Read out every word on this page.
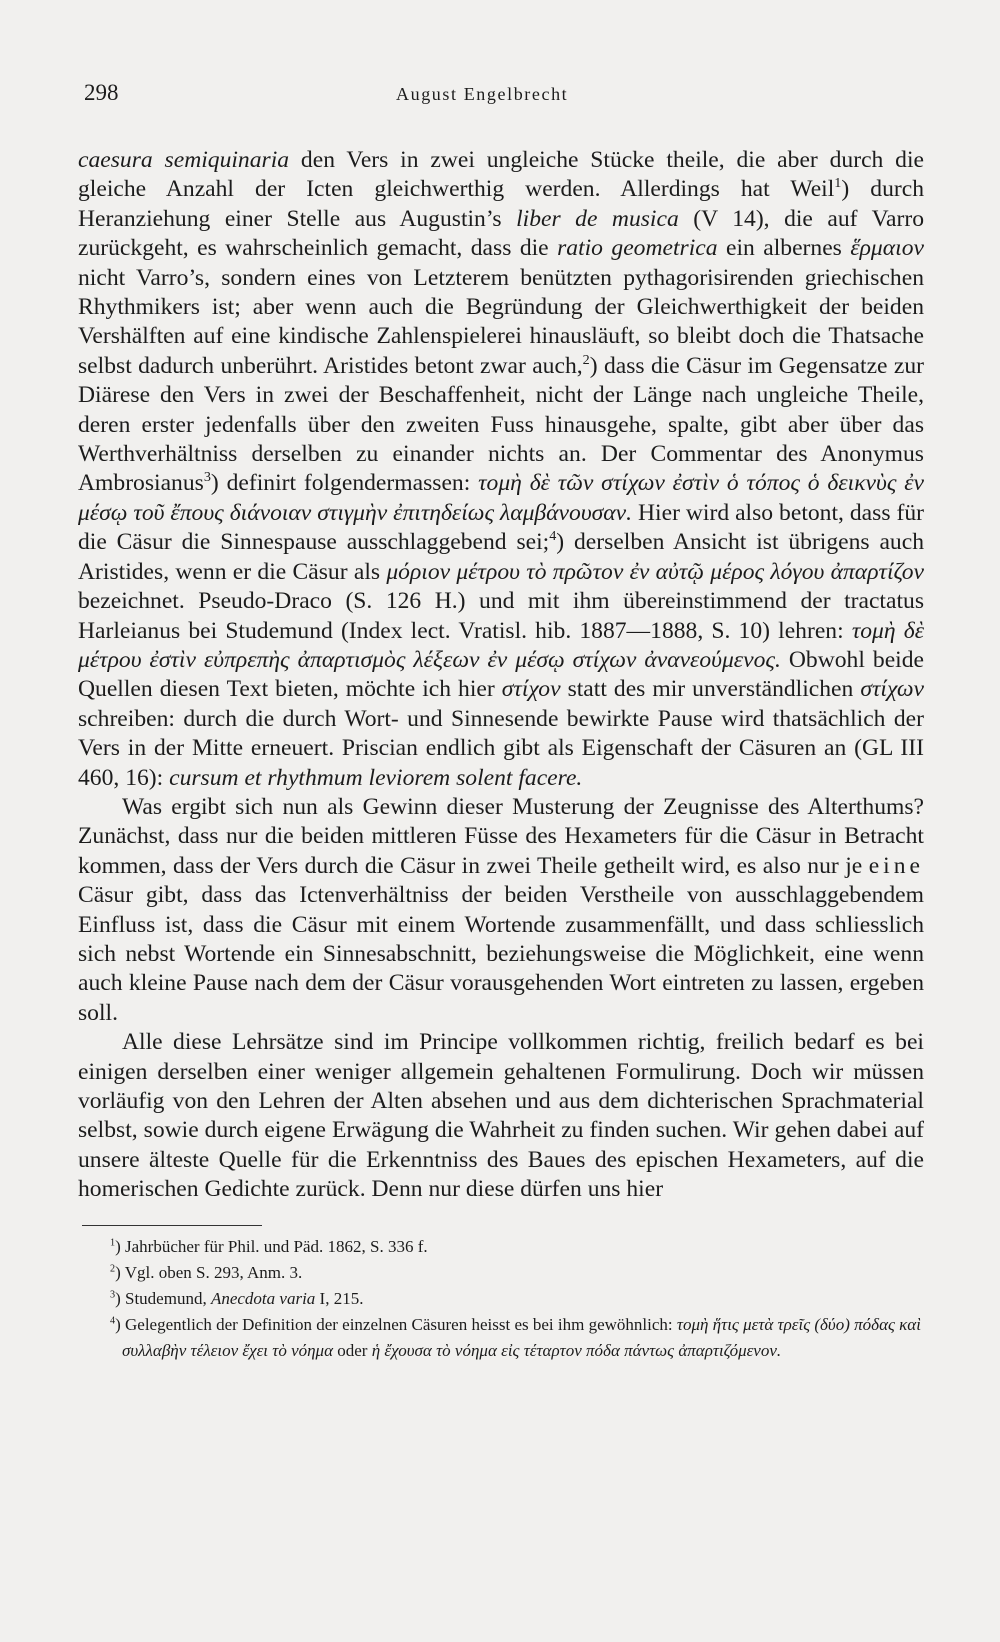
298	August Engelbrecht

caesura semiquinaria den Vers in zwei ungleiche Stücke theile, die aber durch die gleiche Anzahl der Icten gleichwerthig werden. Allerdings hat Weil$^1$) durch Heranziehung einer Stelle aus Augustin’s liber de musica (V 14), die auf Varro zurückgeht, es wahrscheinlich gemacht, dass die ratio geometrica ein albernes ἕρμαιον nicht Varro’s, sondern eines von Letzterem benützten pythagorisirenden griechischen Rhythmikers ist; aber wenn auch die Begründung der Gleichwerthigkeit der beiden Vershälften auf eine kindische Zahlenspielerei hinausläuft, so bleibt doch die Thatsache selbst dadurch unberührt. Aristides betont zwar auch,$^2$) dass die Cäsur im Gegensatze zur Diärese den Vers in zwei der Beschaffenheit, nicht der Länge nach ungleiche Theile, deren erster jedenfalls über den zweiten Fuss hinausgehe, spalte, gibt aber über das Werthverhältniss derselben zu einander nichts an. Der Commentar des Anonymus Ambrosianus$^3$) definirt folgendermassen: τομὴ δὲ τῶν στίχων ἐστὶν ὁ τόπος ὁ δεικνὺς ἐν μέσῳ τοῦ ἔπους διάνοιαν στιγμὴν ἐπιτηδείως λαμβάνουσαν. Hier wird also betont, dass für die Cäsur die Sinnespause ausschlaggebend sei;$^4$) derselben Ansicht ist übrigens auch Aristides, wenn er die Cäsur als μόριον μέτρου τὸ πρῶτον ἐν αὐτῷ μέρος λόγου ἀπαρτίζον bezeichnet. Pseudo-Draco (S. 126 H.) und mit ihm übereinstimmend der tractatus Harleianus bei Studemund (Index lect. Vratisl. hib. 1887—1888, S. 10) lehren: τομὴ δὲ μέτρου ἐστὶν εὐπρεπὴς ἀπαρτισμὸς λέξεων ἐν μέσῳ στίχων ἀνανεούμενος. Obwohl beide Quellen diesen Text bieten, möchte ich hier στίχον statt des mir unverständlichen στίχων schreiben: durch die durch Wort- und Sinnesende bewirkte Pause wird thatsächlich der Vers in der Mitte erneuert. Priscian endlich gibt als Eigenschaft der Cäsuren an (GL III 460, 16): cursum et rhythmum leviorem solent facere.

Was ergibt sich nun als Gewinn dieser Musterung der Zeugnisse des Alterthums? Zunächst, dass nur die beiden mittleren Füsse des Hexameters für die Cäsur in Betracht kommen, dass der Vers durch die Cäsur in zwei Theile getheilt wird, es also nur je eine Cäsur gibt, dass das Ictenverhältniss der beiden Verstheile von ausschlaggebendem Einfluss ist, dass die Cäsur mit einem Wortende zusammenfällt, und dass schliesslich sich nebst Wortende ein Sinnesabschnitt, beziehungsweise die Möglichkeit, eine wenn auch kleine Pause nach dem der Cäsur vorausgehenden Wort eintreten zu lassen, ergeben soll.

Alle diese Lehrsätze sind im Principe vollkommen richtig, freilich bedarf es bei einigen derselben einer weniger allgemein gehaltenen Formulirung. Doch wir müssen vorläufig von den Lehren der Alten absehen und aus dem dichterischen Sprachmaterial selbst, sowie durch eigene Erwägung die Wahrheit zu finden suchen. Wir gehen dabei auf unsere älteste Quelle für die Erkenntniss des Baues des epischen Hexameters, auf die homerischen Gedichte zurück. Denn nur diese dürfen uns hier

$^1$) Jahrbücher für Phil. und Päd. 1862, S. 336 f.

$^2$) Vgl. oben S. 293, Anm. 3.

$^3$) Studemund, Anecdota varia I, 215.

$^4$) Gelegentlich der Definition der einzelnen Cäsuren heisst es bei ihm gewöhnlich: τομὴ ἥτις μετὰ τρεῖς (δύο) πόδας καὶ συλλαβὴν τέλειον ἔχει τὸ νόημα oder ἡ ἔχουσα τὸ νόημα εἰς τέταρτον πόδα πάντως ἀπαρτιζόμενον.
